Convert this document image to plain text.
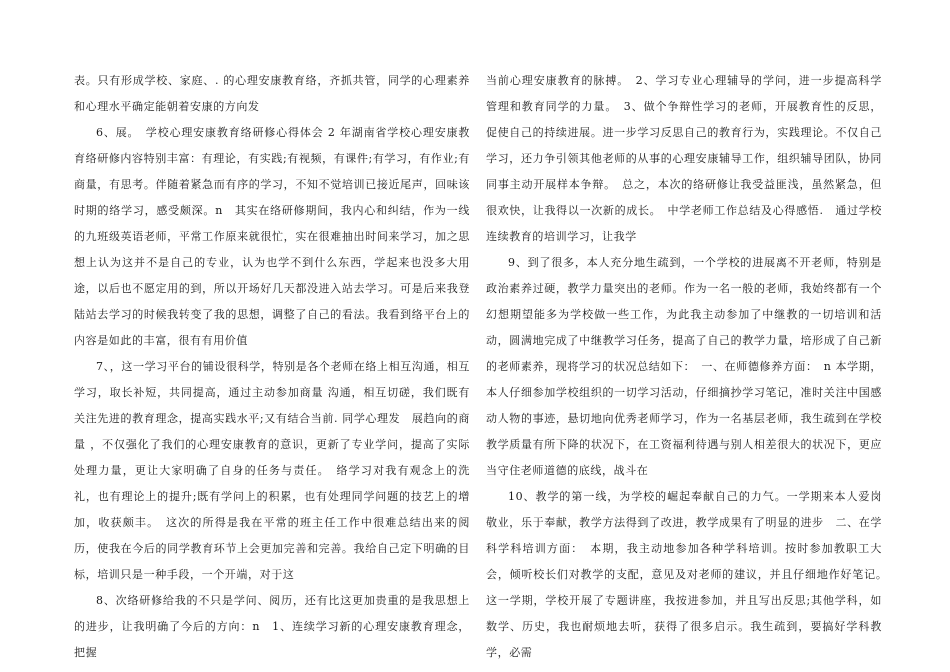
表。只有形成学校、家庭、. 的心理安康教育络，齐抓共管，同学的心理素养和心理水平确定能朝着安康的方向发

6、展。　学校心理安康教育络研修心得体会 2 年湖南省学校心理安康教育络研修内容特别丰富：有理论，有实践;有视频，有课件;有学习，有作业;有商量，有思考。伴随着紧急而有序的学习，不知不觉培训已接近尾声，回味该时期的络学习，感受颇深。n　其实在络研修期间，我内心和纠结，作为一线的九班级英语老师，平常工作原来就很忙，实在很难抽出时间来学习，加之思想上认为这并不是自己的专业，认为也学不到什么东西，学起来也没多大用途，以后也不愿定用的到，所以开场好几天都没进入站去学习。可是后来我登陆站去学习的时候我转变了我的思想，调整了自己的看法。我看到络平台上的内容是如此的丰富，很有有用价值

7、，这一学习平台的铺设很科学，特别是各个老师在络上相互沟通，相互学习，取长补短，共同提高，通过主动参加商量 沟通，相互切磋，我们既有关注先进的教育理念，提高实践水平;又有结合当前. 同学心理发　展趋向的商量 ，不仅强化了我们的心理安康教育的意识，更新了专业学问，提高了实际处理力量，更让大家明确了自身的任务与责任。　络学习对我有观念上的洗礼，也有理论上的提升;既有学问上的积累，也有处理同学问题的技艺上的增加，收获颇丰。　这次的所得是我在平常的班主任工作中很难总结出来的阅历，使我在今后的同学教育环节上会更加完善和完善。我给自己定下明确的目标，培训只是一种手段，一个开端，对于这

8、次络研修给我的不只是学问、阅历，还有比这更加贵重的是我思想上的进步，让我明确了今后的方向：n　1、连续学习新的心理安康教育理念，把握

当前心理安康教育的脉搏。　2、学习专业心理辅导的学问，进一步提高科学管理和教育同学的力量。　3、做个争辩性学习的老师，开展教育性的反思，促使自己的持续进展。进一步学习反思自己的教育行为，实践理论。不仅自己学习，还力争引领其他老师的从事的心理安康辅导工作，组织辅导团队，协同同事主动开展样本争辩。　总之，本次的络研修让我受益匪浅，虽然紧急，但很欢快，让我得以一次新的成长。　中学老师工作总结及心得感悟.　通过学校连续教育的培训学习，让我学

9、到了很多，本人充分地生疏到，一个学校的进展离不开老师，特别是政治素养过硬，教学力量突出的老师。作为一名一般的老师，我始终都有一个幻想期望能多为学校做一些工作，为此我主动参加了中继教的一切培训和活动，圆满地完成了中继教学习任务，提高了自己的教学力量，培形成了自己新的老师素养，现将学习的状况总结如下：　一、在师德修养方面：　n 本学期，本人仔细参加学校组织的一切学习活动，仔细摘抄学习笔记，准时关注中国感动人物的事迹，悬切地向优秀老师学习，作为一名基层老师，我生疏到在学校教学质量有所下降的状况下，在工资福利待遇与别人相差很大的状况下，更应当守住老师道德的底线，战斗在

10、教学的第一线，为学校的崛起奉献自己的力气。一学期来本人爱岗敬业，乐于奉献，教学方法得到了改进，教学成果有了明显的进步　二、在学科学科培训方面：　本期，我主动地参加各种学科培训。按时参加教职工大会，倾听校长们对教学的支配，意见及对老师的建议，并且仔细地作好笔记。　这一学期，学校开展了专题讲座，我按进参加，并且写出反思;其他学科，如数学、历史，我也耐烦地去听，获得了很多启示。我生疏到，要搞好学科教学，必需
